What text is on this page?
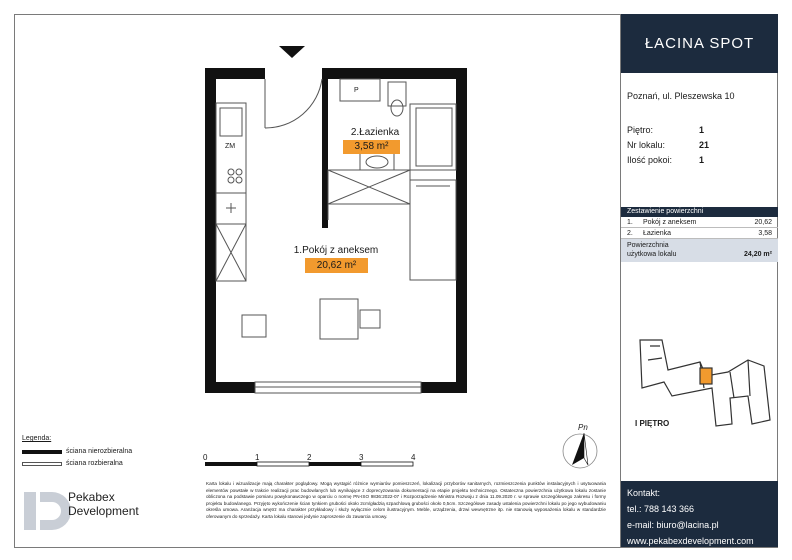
ZM
P
2.Łazienka
3,58 m²
1.Pokój z aneksem
20,62 m²
Legenda:
ściana nierozbieralna
ściana rozbieralna
0	1	2	3	4
Pn
Karta lokalu i wizualizacje mają charakter poglądowy. Mogą wystąpić różnice wymiarów pomieszczeń, lokalizacji przyborów sanitarnych, rozmieszczenia punktów instalacyjnych i usytuowania elementów powstałe w trakcie realizacji prac budowlanych lub wynikające z doprecyzowania dokumentacji na etapie projektu technicznego. Ostateczna powierzchnia użytkowa lokalu zostanie obliczona na podstawie pomiaru powykonawczego w oparciu o normę PN-ISO 9836:2022-07 i Rozporządzenie Ministra Rozwoju z dnia 11.09.2020 r. w sprawie szczegółowego zakresu i formy projektu budowlanego. Przyjęto wykończenie ścian tynkiem grubości około 2cm/gładzią szpachlową grubości około 0,5cm. Szczegółowe zasady ustalenia powierzchni lokalu po jego wybudowaniu określa umowa. Aranżacja wnętrz ma charakter przykładowy i służy wyłącznie celom ilustracyjnym. Meble, urządzenia, drzwi wewnętrzne itp. nie stanowią wyposażenia lokalu w standardzie oferowanym do sprzedaży. Karta lokalu stanowi jedynie zaproszenie do zawarcia umowy.
Pekabex
Development
ŁACINA SPOT
Poznań, ul. Pleszewska 10
Piętro:	1
Nr lokalu:	21
Ilość pokoi:	1
Zestawienie powierzchni
1.	Pokój z aneksem	20,62
2.	Łazienka	3,58
Powierzchnia
użytkowa lokalu	24,20 m²
I PIĘTRO
Kontakt:
tel.: 788 143 366
e-mail: biuro@lacina.pl
www.pekabexdevelopment.com
